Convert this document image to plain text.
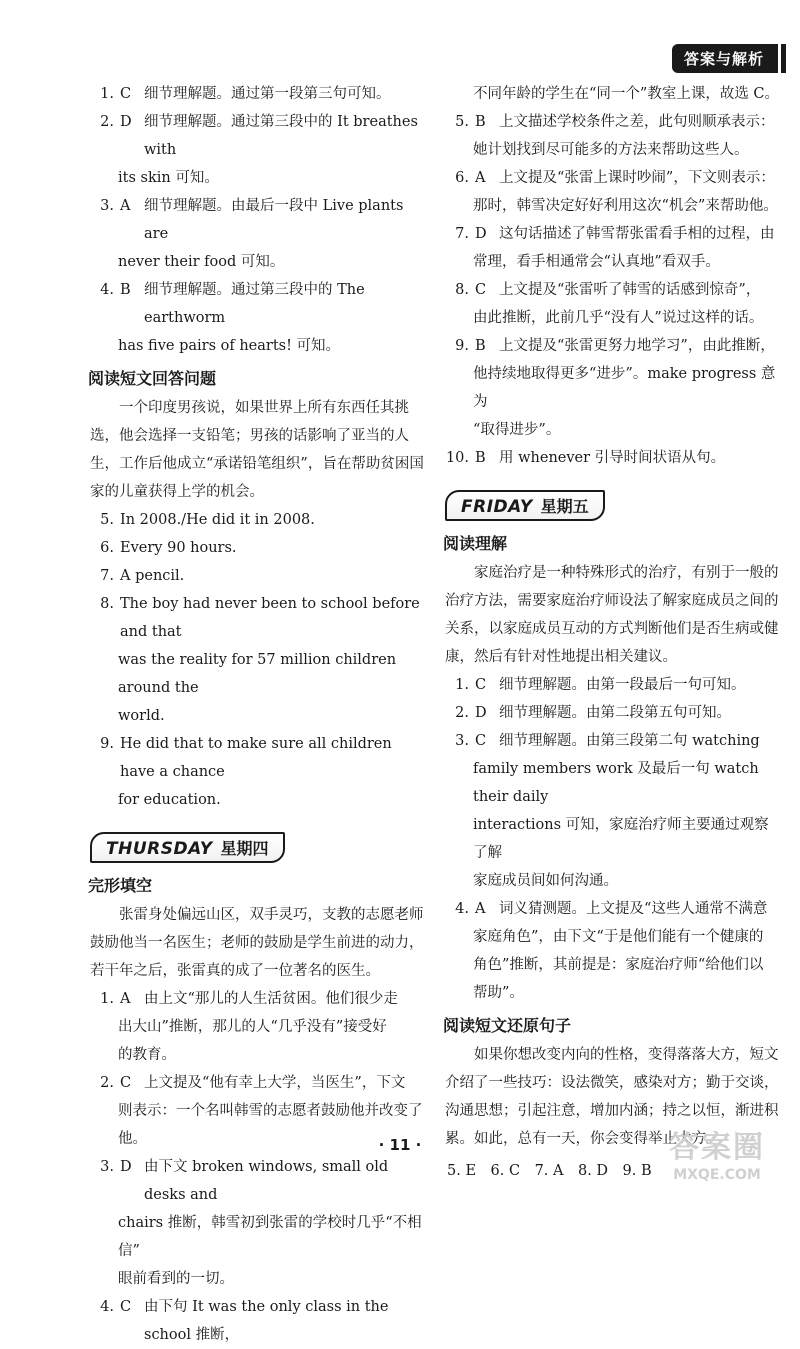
答案与解析
1. C 细节理解题。通过第一段第三句可知。
2. D 细节理解题。通过第三段中的 It breathes with

its skin 可知。

3. A 细节理解题。由最后一段中 Live plants are

never their food 可知。

4. B 细节理解题。通过第三段中的 The earthworm

has five pairs of hearts! 可知。

阅读短文回答问题

一个印度男孩说，如果世界上所有东西任其挑选，他会选择一支铅笔；男孩的话影响了亚当的人生，工作后他成立“承诺铅笔组织”，旨在帮助贫困国家的儿童获得上学的机会。

5. In 2008./He did it in 2008.
6. Every 90 hours.
7. A pencil.
8. The boy had never been to school before and that

was the reality for 57 million children around the

world.

9. He did that to make sure all children have a chance

for education.

THURSDAY 星期四
完形填空

张雷身处偏远山区，双手灵巧，支教的志愿老师鼓励他当一名医生；老师的鼓励是学生前进的动力，若干年之后，张雷真的成了一位著名的医生。

1. A 由上文“那儿的人生活贫困。他们很少走

出大山”推断，那儿的人“几乎没有”接受好

的教育。

2. C 上文提及“他有幸上大学，当医生”，下文

则表示：一个名叫韩雪的志愿者鼓励他并改变了

他。

3. D 由下文 broken windows, small old desks and

chairs 推断，韩雪初到张雷的学校时几乎“不相信”

眼前看到的一切。

4. C 由下句 It was the only class in the school 推断，

不同年龄的学生在“同一个”教室上课，故选 C。

5. B 上文描述学校条件之差，此句则顺承表示：

她计划找到尽可能多的方法来帮助这些人。

6. A 上文提及“张雷上课时吵闹”，下文则表示：

那时，韩雪决定好好利用这次“机会”来帮助他。

7. D 这句话描述了韩雪帮张雷看手相的过程，由

常理，看手相通常会“认真地”看双手。

8. C 上文提及“张雷听了韩雪的话感到惊奇”，

由此推断，此前几乎“没有人”说过这样的话。

9. B 上文提及“张雷更努力地学习”，由此推断，

他持续地取得更多“进步”。make progress 意为

“取得进步”。

10. B 用 whenever 引导时间状语从句。
FRIDAY 星期五
阅读理解

家庭治疗是一种特殊形式的治疗，有别于一般的治疗方法，需要家庭治疗师设法了解家庭成员之间的关系，以家庭成员互动的方式判断他们是否生病或健康，然后有针对性地提出相关建议。

1. C 细节理解题。由第一段最后一句可知。
2. D 细节理解题。由第二段第五句可知。
3. C 细节理解题。由第三段第二句 watching

family members work 及最后一句 watch their daily

interactions 可知，家庭治疗师主要通过观察了解

家庭成员间如何沟通。

4. A 词义猜测题。上文提及“这些人通常不满意

家庭角色”，由下文“于是他们能有一个健康的

角色”推断，其前提是：家庭治疗师“给他们以

帮助”。

阅读短文还原句子

如果你想改变内向的性格，变得落落大方，短文介绍了一些技巧：设法微笑，感染对方；勤于交谈，沟通思想；引起注意，增加内涵；持之以恒，渐进积累。如此，总有一天，你会变得举止大方。

5. E　6. C　7. A　8. D　9. B
· 11 ·	答案圈
MXQE.COM
